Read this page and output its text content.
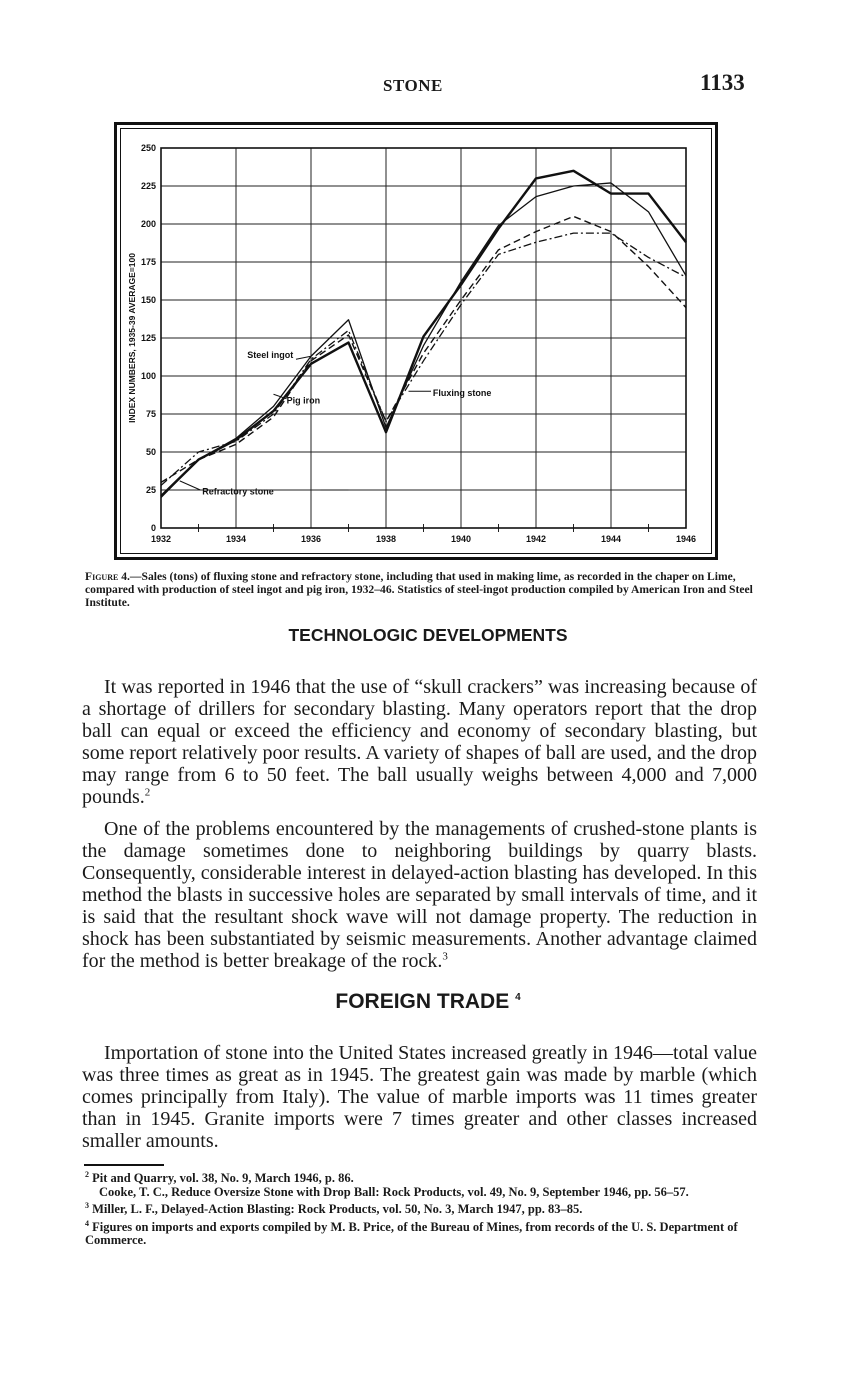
STONE	1133
0
25
50
75
100
125
150
175
200
225
250
1932	1934	1936	1938	1940	1942	1944	1946
INDEX NUMBERS, 1935-39 AVERAGE=100	Steel ingot
Pig iron
Fluxing stone
Refractory stone
Figure 4.—Sales (tons) of fluxing stone and refractory stone, including that used in making lime, as recorded in the chaper on Lime, compared with production of steel ingot and pig iron, 1932–46. Statistics of steel-ingot production compiled by American Iron and Steel Institute.
TECHNOLOGIC DEVELOPMENTS

It was reported in 1946 that the use of “skull crackers” was increasing because of a shortage of drillers for secondary blasting. Many operators report that the drop ball can equal or exceed the efficiency and economy of secondary blasting, but some report relatively poor results. A variety of shapes of ball are used, and the drop may range from 6 to 50 feet. The ball usually weighs between 4,000 and 7,000 pounds.$^2$

One of the problems encountered by the managements of crushed-stone plants is the damage sometimes done to neighboring buildings by quarry blasts. Consequently, considerable interest in delayed-action blasting has developed. In this method the blasts in successive holes are separated by small intervals of time, and it is said that the resultant shock wave will not damage property. The reduction in shock has been substantiated by seismic measurements. Another advantage claimed for the method is better breakage of the rock.$^3$

FOREIGN TRADE $^4$

Importation of stone into the United States increased greatly in 1946—total value was three times as great as in 1945. The greatest gain was made by marble (which comes principally from Italy). The value of marble imports was 11 times greater than in 1945. Granite imports were 7 times greater and other classes increased smaller amounts.

$^2$ Pit and Quarry, vol. 38, No. 9, March 1946, p. 86.

Cooke, T. C., Reduce Oversize Stone with Drop Ball: Rock Products, vol. 49, No. 9, September 1946, pp. 56–57.

$^3$ Miller, L. F., Delayed-Action Blasting: Rock Products, vol. 50, No. 3, March 1947, pp. 83–85.

$^4$ Figures on imports and exports compiled by M. B. Price, of the Bureau of Mines, from records of the U. S. Department of Commerce.
